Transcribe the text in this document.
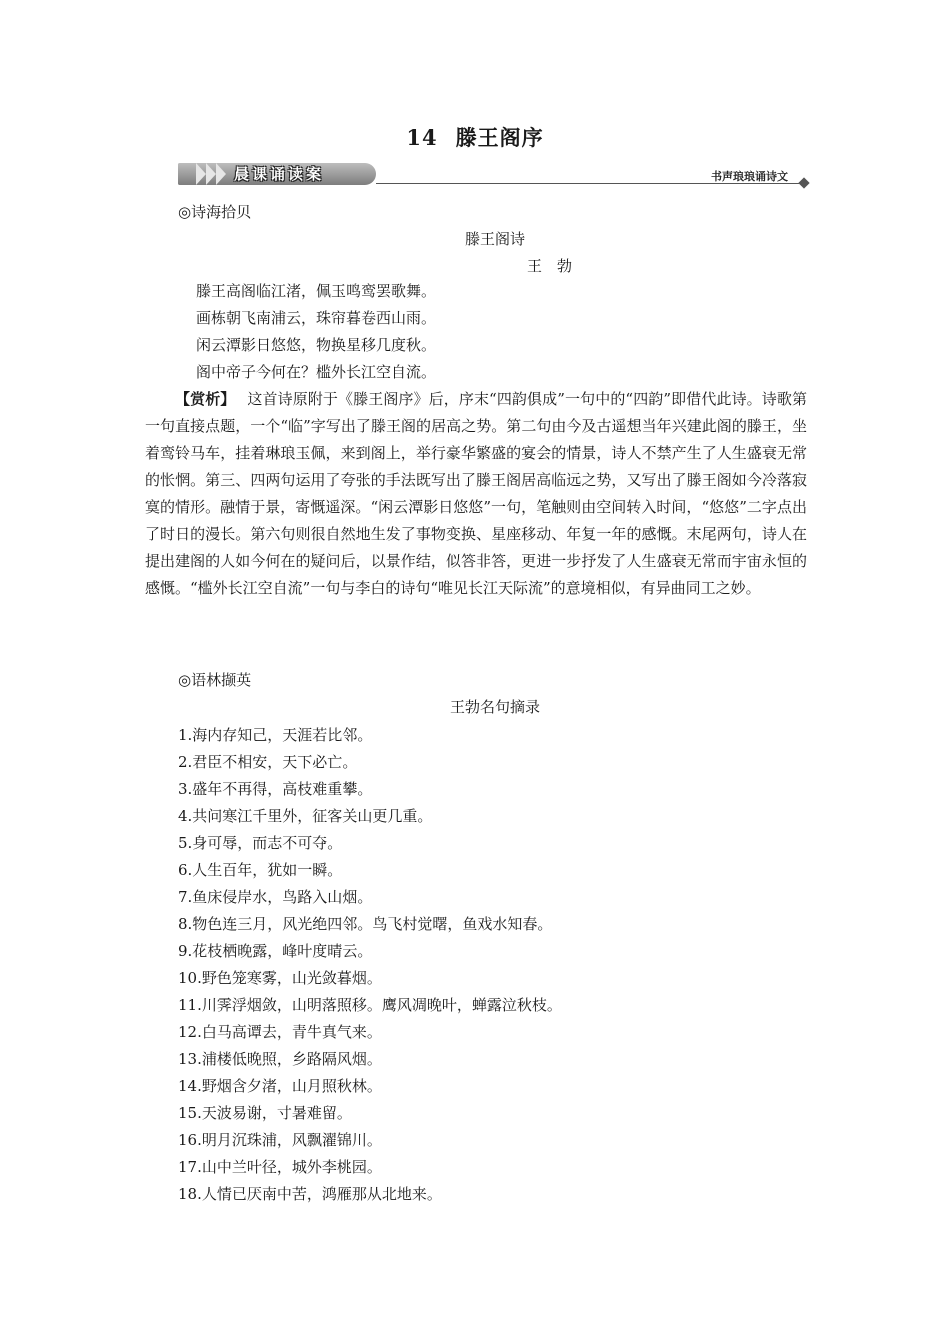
14 滕王阁序
晨课诵读案	书声琅琅诵诗文
◎诗海拾贝
滕王阁诗
王　勃
滕王高阁临江渚，佩玉鸣鸾罢歌舞。
画栋朝飞南浦云，珠帘暮卷西山雨。
闲云潭影日悠悠，物换星移几度秋。
阁中帝子今何在？槛外长江空自流。
【赏析】 这首诗原附于《滕王阁序》后，序末“四韵俱成”一句中的“四韵”即借代此诗。诗歌第一句直接点题，一个“临”字写出了滕王阁的居高之势。第二句由今及古遥想当年兴建此阁的滕王，坐着鸾铃马车，挂着琳琅玉佩，来到阁上，举行豪华繁盛的宴会的情景，诗人不禁产生了人生盛衰无常的怅惘。第三、四两句运用了夸张的手法既写出了滕王阁居高临远之势，又写出了滕王阁如今冷落寂寞的情形。融情于景，寄慨遥深。“闲云潭影日悠悠”一句，笔触则由空间转入时间，“悠悠”二字点出了时日的漫长。第六句则很自然地生发了事物变换、星座移动、年复一年的感慨。末尾两句，诗人在提出建阁的人如今何在的疑问后，以景作结，似答非答，更进一步抒发了人生盛衰无常而宇宙永恒的感慨。“槛外长江空自流”一句与李白的诗句“唯见长江天际流”的意境相似，有异曲同工之妙。
◎语林撷英
王勃名句摘录
1.海内存知己，天涯若比邻。
2.君臣不相安，天下必亡。
3.盛年不再得，高枝难重攀。
4.共问寒江千里外，征客关山更几重。
5.身可辱，而志不可夺。
6.人生百年，犹如一瞬。
7.鱼床侵岸水，鸟路入山烟。
8.物色连三月，风光绝四邻。鸟飞村觉曙，鱼戏水知春。
9.花枝栖晚露，峰叶度晴云。
10.野色笼寒雾，山光敛暮烟。
11.川霁浮烟敛，山明落照移。鹰风凋晚叶，蝉露泣秋枝。
12.白马高谭去，青牛真气来。
13.浦楼低晚照，乡路隔风烟。
14.野烟含夕渚，山月照秋林。
15.天波易谢，寸暑难留。
16.明月沉珠浦，风飘濯锦川。
17.山中兰叶径，城外李桃园。
18.人情已厌南中苦，鸿雁那从北地来。
